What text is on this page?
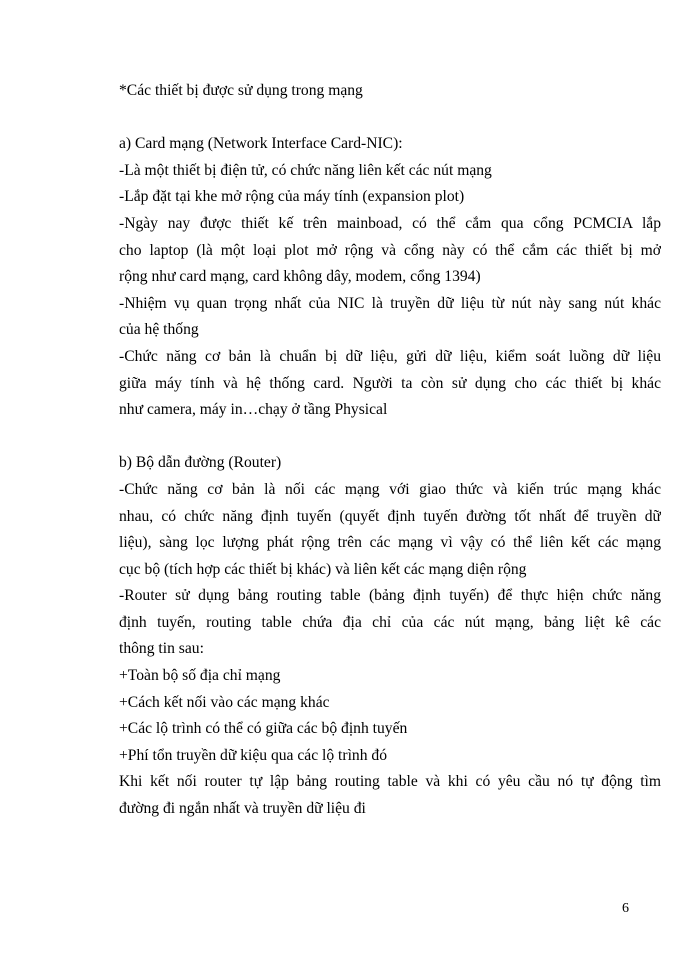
*Các thiết bị được sử dụng trong mạng
a) Card mạng (Network Interface Card-NIC):
-Là một thiết bị điện tử, có chức năng liên kết các nút mạng
-Lắp đặt tại khe mở rộng của máy tính (expansion plot)
-Ngày nay được thiết kế trên mainboad, có thể cắm qua cổng PCMCIA lắp
cho laptop (là một loại plot mở rộng và cổng này có thể cắm các thiết bị mở
rộng như card mạng, card không dây, modem, cổng 1394)
-Nhiệm vụ quan trọng nhất của NIC là truyền dữ liệu từ nút này sang nút khác
của hệ thống
-Chức năng cơ bản là chuẩn bị dữ liệu, gửi dữ liệu, kiểm soát luồng dữ liệu
giữa máy tính và hệ thống card. Người ta còn sử dụng cho các thiết bị khác
như camera, máy in…chạy ở tầng Physical
b) Bộ dẫn đường (Router)
-Chức năng cơ bản là nối các mạng với giao thức và kiến trúc mạng khác
nhau, có chức năng định tuyến (quyết định tuyến đường tốt nhất để truyền dữ
liệu), sàng lọc lượng phát rộng trên các mạng vì vậy có thể liên kết các mạng
cục bộ (tích hợp các thiết bị khác) và liên kết các mạng diện rộng
-Router sử dụng bảng routing table (bảng định tuyến) để thực hiện chức năng
định tuyến, routing table chứa địa chỉ của các nút mạng, bảng liệt kê các
thông tin sau:
+Toàn bộ số địa chỉ mạng
+Cách kết nối vào các mạng khác
+Các lộ trình có thể có giữa các bộ định tuyến
+Phí tổn truyền dữ kiệu qua các lộ trình đó
Khi kết nối router tự lập bảng routing table và khi có yêu cầu nó tự động tìm
đường đi ngắn nhất và truyền dữ liệu đi
6
